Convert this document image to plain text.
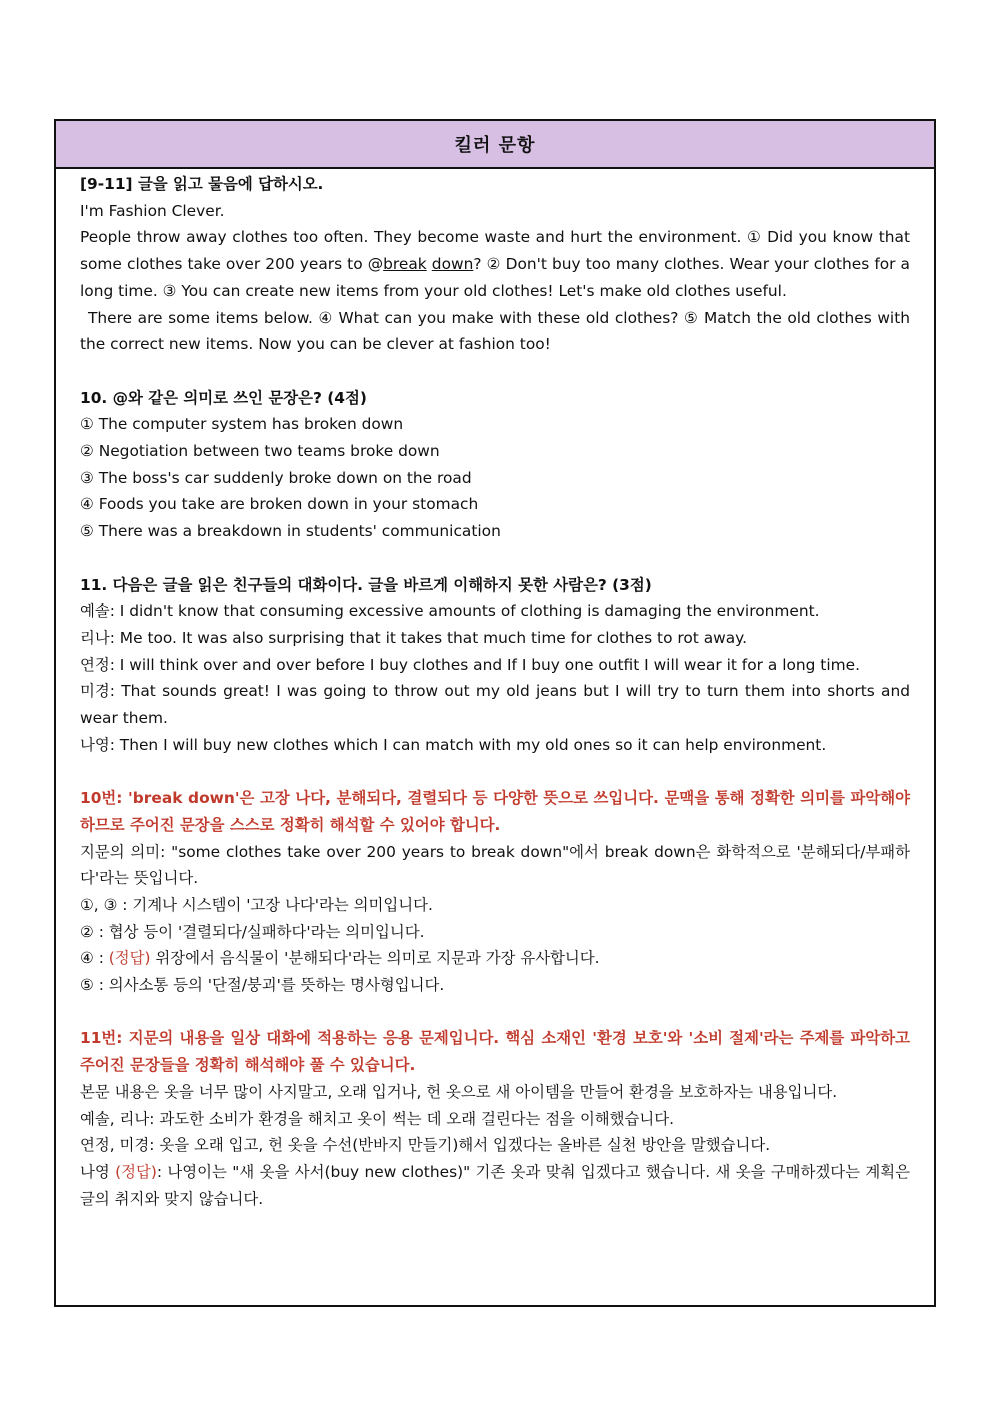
킬러 문항

[9-11] 글을 읽고 물음에 답하시오.

I'm Fashion Clever.

People throw away clothes too often. They become waste and hurt the environment. ① Did you know that some clothes take over 200 years to @break down? ② Don't buy too many clothes. Wear your clothes for a long time. ③ You can create new items from your old clothes! Let's make old clothes useful.

There are some items below. ④ What can you make with these old clothes? ⑤ Match the old clothes with the correct new items. Now you can be clever at fashion too!

10. @와 같은 의미로 쓰인 문장은? (4점)

① The computer system has broken down

② Negotiation between two teams broke down

③ The boss's car suddenly broke down on the road

④ Foods you take are broken down in your stomach

⑤ There was a breakdown in students' communication

11. 다음은 글을 읽은 친구들의 대화이다. 글을 바르게 이해하지 못한 사람은? (3점)

예솔: I didn't know that consuming excessive amounts of clothing is damaging the environment.

리나: Me too. It was also surprising that it takes that much time for clothes to rot away.

연정: I will think over and over before I buy clothes and If I buy one outfit I will wear it for a long time.

미경: That sounds great! I was going to throw out my old jeans but I will try to turn them into shorts and wear them.

나영: Then I will buy new clothes which I can match with my old ones so it can help environment.

10번: 'break down'은 고장 나다, 분해되다, 결렬되다 등 다양한 뜻으로 쓰입니다. 문맥을 통해 정확한 의미를 파악해야 하므로 주어진 문장을 스스로 정확히 해석할 수 있어야 합니다.

지문의 의미: "some clothes take over 200 years to break down"에서 break down은 화학적으로 '분해되다/부패하다'라는 뜻입니다.

①, ③ : 기계나 시스템이 '고장 나다'라는 의미입니다.

② : 협상 등이 '결렬되다/실패하다'라는 의미입니다.

④ : (정답) 위장에서 음식물이 '분해되다'라는 의미로 지문과 가장 유사합니다.

⑤ : 의사소통 등의 '단절/붕괴'를 뜻하는 명사형입니다.

11번: 지문의 내용을 일상 대화에 적용하는 응용 문제입니다. 핵심 소재인 '환경 보호'와 '소비 절제'라는 주제를 파악하고 주어진 문장들을 정확히 해석해야 풀 수 있습니다.

본문 내용은 옷을 너무 많이 사지말고, 오래 입거나, 헌 옷으로 새 아이템을 만들어 환경을 보호하자는 내용입니다.

예솔, 리나: 과도한 소비가 환경을 해치고 옷이 썩는 데 오래 걸린다는 점을 이해했습니다.

연정, 미경: 옷을 오래 입고, 헌 옷을 수선(반바지 만들기)해서 입겠다는 올바른 실천 방안을 말했습니다.

나영 (정답): 나영이는 "새 옷을 사서(buy new clothes)" 기존 옷과 맞춰 입겠다고 했습니다. 새 옷을 구매하겠다는 계획은 글의 취지와 맞지 않습니다.
